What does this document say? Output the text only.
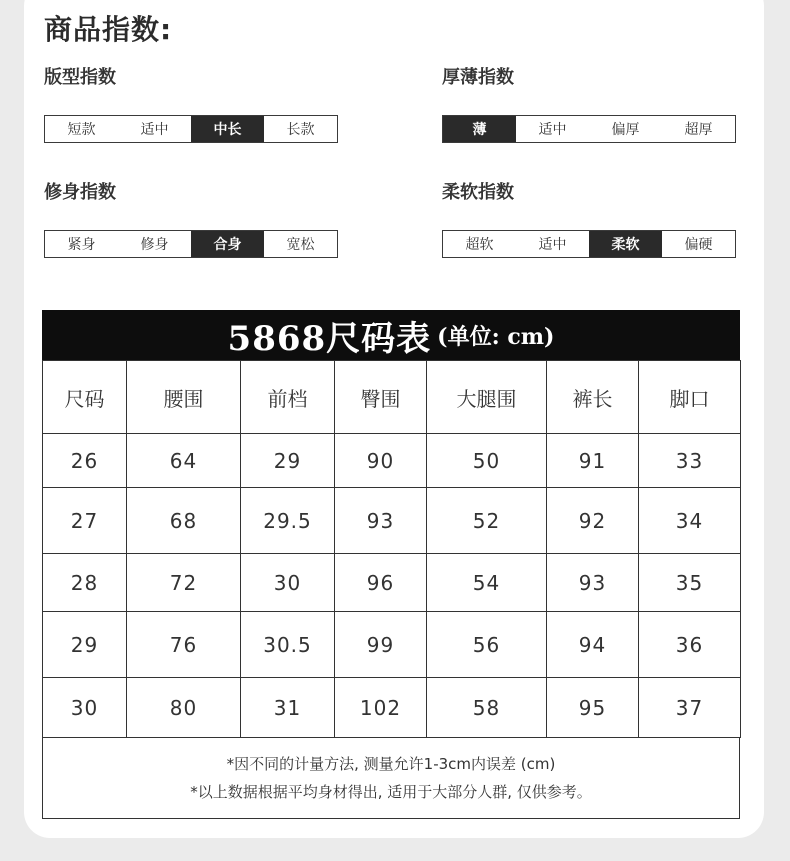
商品指数:
版型指数
短款	适中	中长	长款
厚薄指数
薄	适中	偏厚	超厚
修身指数
紧身	修身	合身	宽松
柔软指数
超软	适中	柔软	偏硬
5868尺码表 (单位: cm)
尺码	腰围	前档	臀围	大腿围	裤长	脚口
26	64	29	90	50	91	33
27	68	29.5	93	52	92	34
28	72	30	96	54	93	35
29	76	30.5	99	56	94	36
30	80	31	102	58	95	37
*因不同的计量方法, 测量允许1-3cm内误差 (cm)
*以上数据根据平均身材得出, 适用于大部分人群, 仅供参考。
